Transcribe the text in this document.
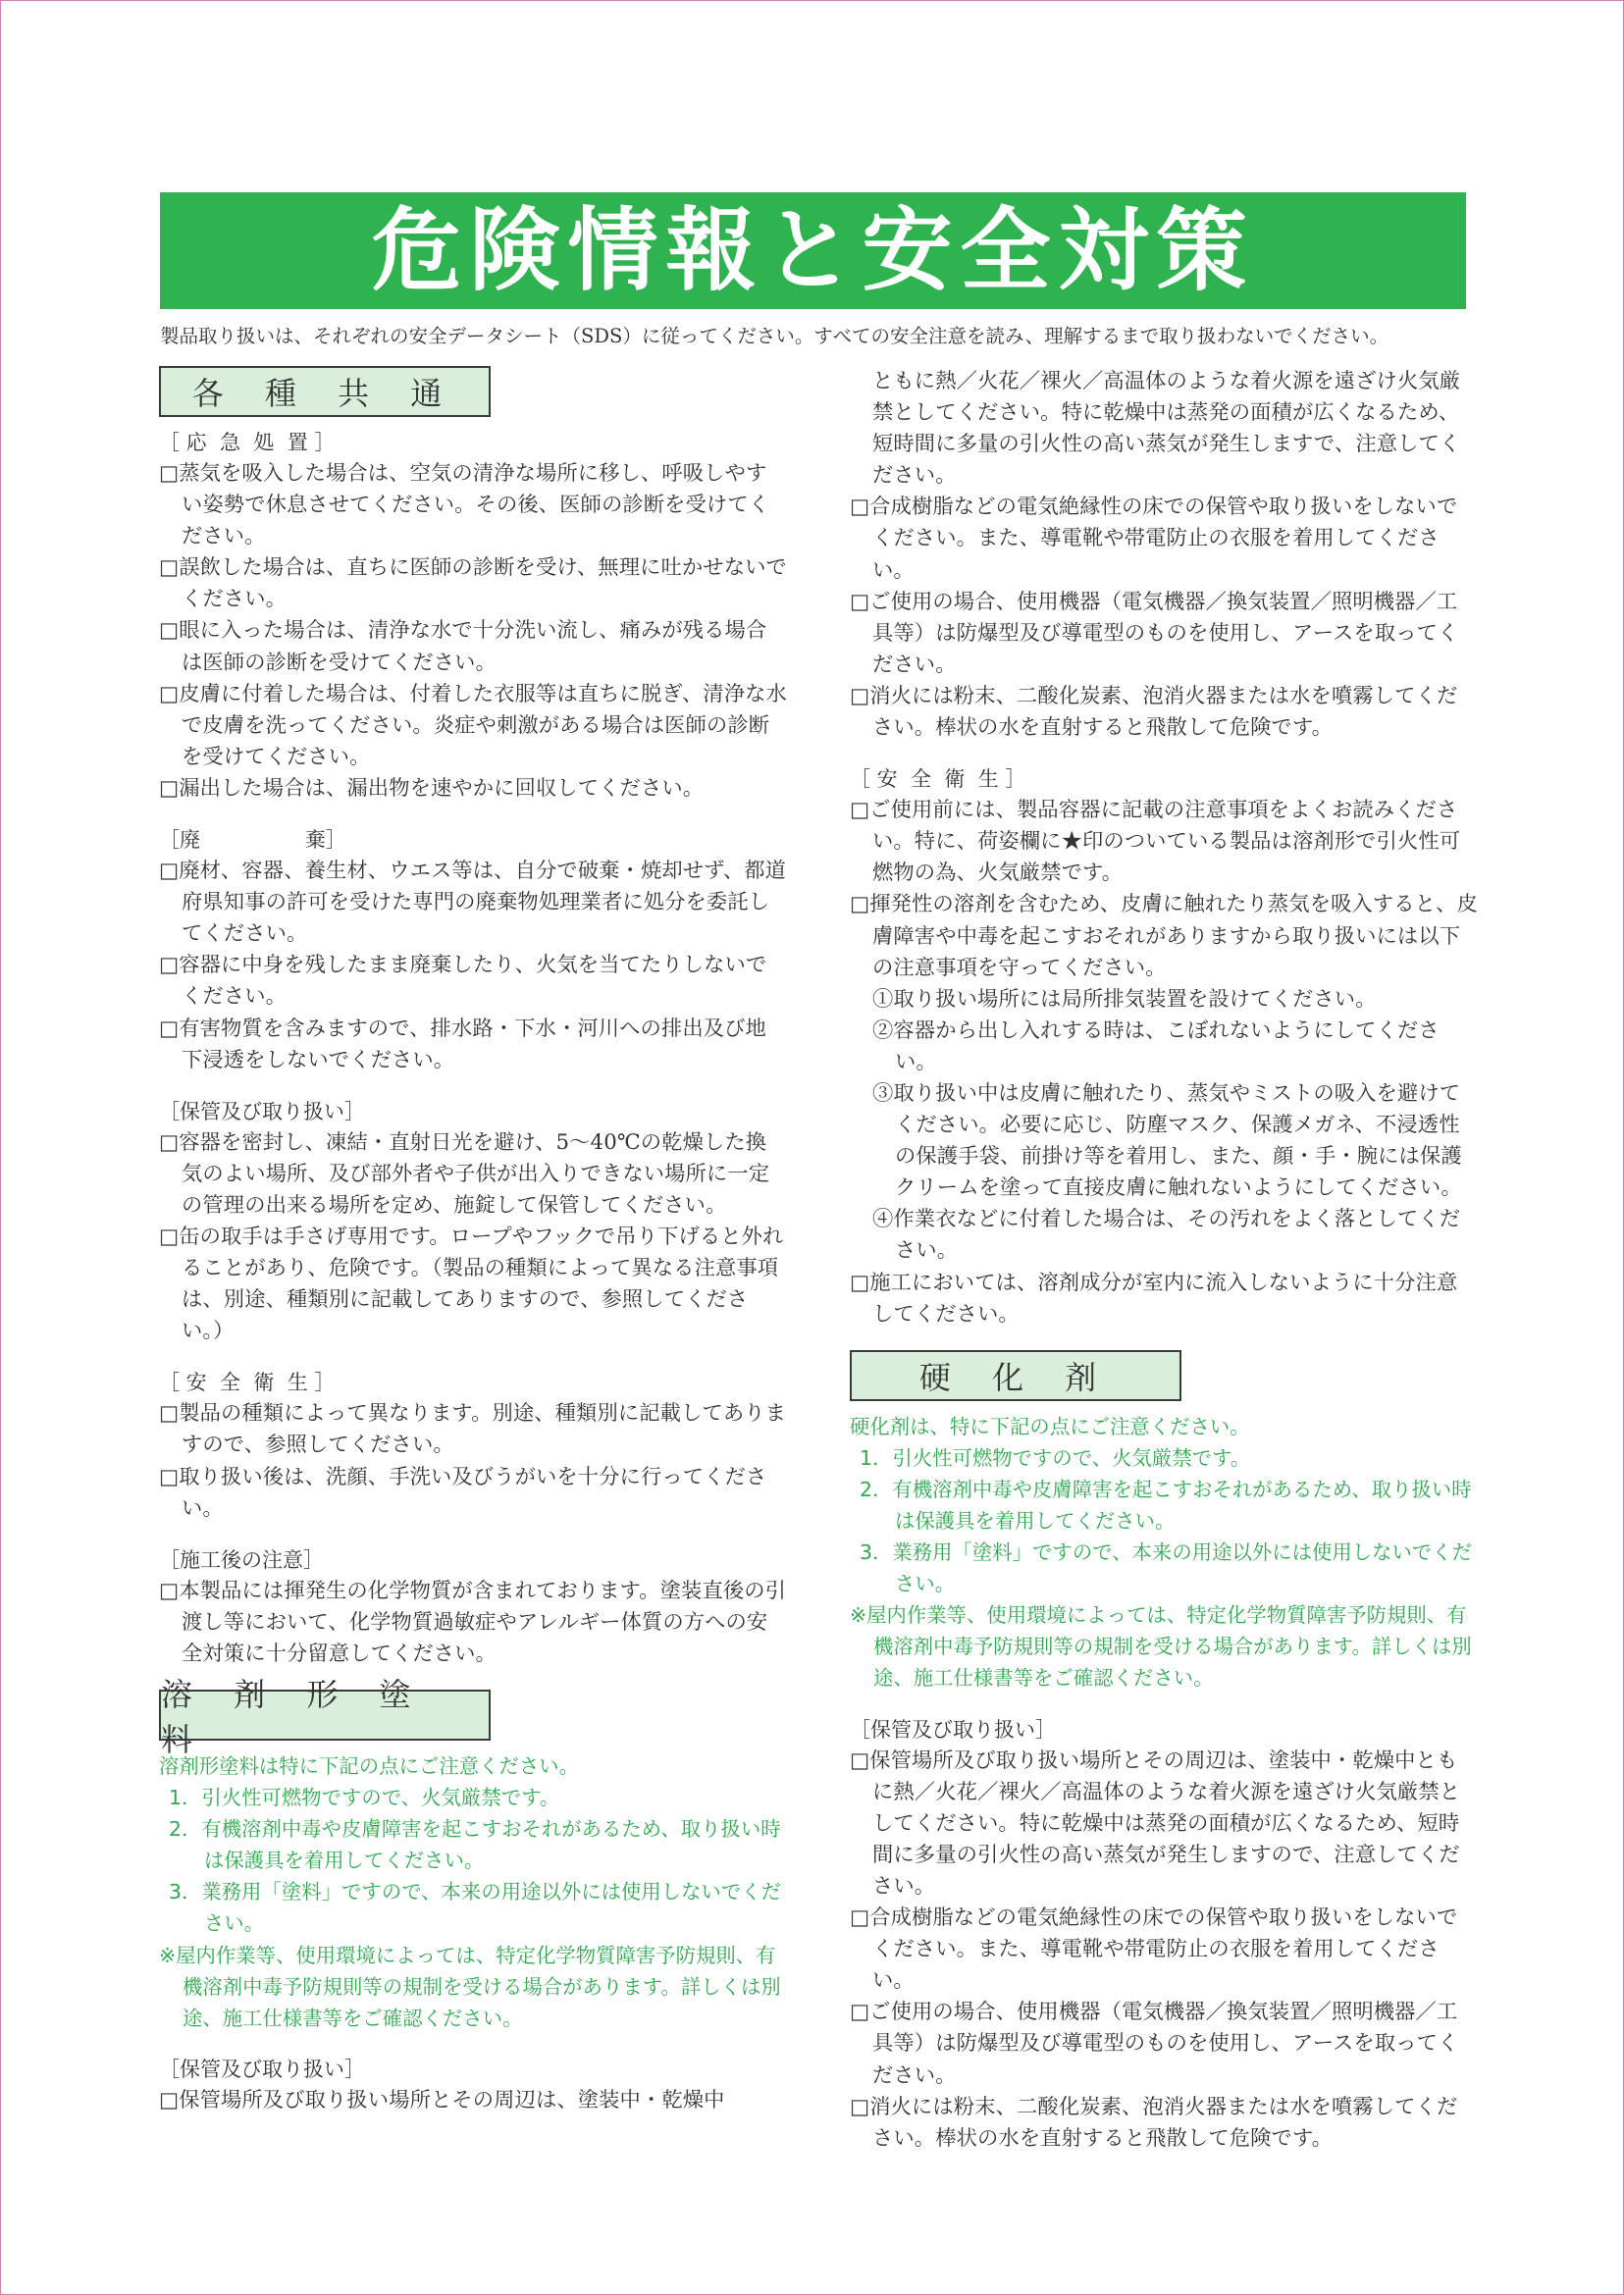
危険情報と安全対策
製品取り扱いは、それぞれの安全データシート（SDS）に従ってください。すべての安全注意を読み、理解するまで取り扱わないでください。
各 種 共 通

［ 応  急  処  置 ］

□蒸気を吸入した場合は、空気の清浄な場所に移し、呼吸しやすい姿勢で休息させてください。その後、医師の診断を受けてください。

□誤飲した場合は、直ちに医師の診断を受け、無理に吐かせないでください。

□眼に入った場合は、清浄な水で十分洗い流し、痛みが残る場合は医師の診断を受けてください。

□皮膚に付着した場合は、付着した衣服等は直ちに脱ぎ、清浄な水で皮膚を洗ってください。炎症や刺激がある場合は医師の診断を受けてください。

□漏出した場合は、漏出物を速やかに回収してください。

［廃                棄］

□廃材、容器、養生材、ウエス等は、自分で破棄・焼却せず、都道府県知事の許可を受けた専門の廃棄物処理業者に処分を委託してください。

□容器に中身を残したまま廃棄したり、火気を当てたりしないでください。

□有害物質を含みますので、排水路・下水・河川への排出及び地下浸透をしないでください。

［保管及び取り扱い］

□容器を密封し、凍結・直射日光を避け、5〜40℃の乾燥した換気のよい場所、及び部外者や子供が出入りできない場所に一定の管理の出来る場所を定め、施錠して保管してください。

□缶の取手は手さげ専用です。ロープやフックで吊り下げると外れることがあり、危険です。（製品の種類によって異なる注意事項は、別途、種類別に記載してありますので、参照してください。）

［ 安  全  衛  生 ］

□製品の種類によって異なります。別途、種類別に記載してありますので、参照してください。

□取り扱い後は、洗顔、手洗い及びうがいを十分に行ってください。

［施工後の注意］

□本製品には揮発生の化学物質が含まれております。塗装直後の引渡し等において、化学物質過敏症やアレルギー体質の方への安全対策に十分留意してください。

溶 剤 形 塗 料

溶剤形塗料は特に下記の点にご注意ください。

1．引火性可燃物ですので、火気厳禁です。

2．有機溶剤中毒や皮膚障害を起こすおそれがあるため、取り扱い時は保護具を着用してください。

3．業務用「塗料」ですので、本来の用途以外には使用しないでください。

※屋内作業等、使用環境によっては、特定化学物質障害予防規則、有機溶剤中毒予防規則等の規制を受ける場合があります。詳しくは別途、施工仕様書等をご確認ください。

［保管及び取り扱い］

□保管場所及び取り扱い場所とその周辺は、塗装中・乾燥中

ともに熱／火花／裸火／高温体のような着火源を遠ざけ火気厳禁としてください。特に乾燥中は蒸発の面積が広くなるため、短時間に多量の引火性の高い蒸気が発生しますで、注意してください。

□合成樹脂などの電気絶縁性の床での保管や取り扱いをしないでください。また、導電靴や帯電防止の衣服を着用してください。

□ご使用の場合、使用機器（電気機器／換気装置／照明機器／工具等）は防爆型及び導電型のものを使用し、アースを取ってください。

□消火には粉末、二酸化炭素、泡消火器または水を噴霧してください。棒状の水を直射すると飛散して危険です。

［ 安  全  衛  生 ］

□ご使用前には、製品容器に記載の注意事項をよくお読みください。特に、荷姿欄に★印のついている製品は溶剤形で引火性可燃物の為、火気厳禁です。

□揮発性の溶剤を含むため、皮膚に触れたり蒸気を吸入すると、皮膚障害や中毒を起こすおそれがありますから取り扱いには以下の注意事項を守ってください。

①取り扱い場所には局所排気装置を設けてください。

②容器から出し入れする時は、こぼれないようにしてください。

③取り扱い中は皮膚に触れたり、蒸気やミストの吸入を避けてください。必要に応じ、防塵マスク、保護メガネ、不浸透性の保護手袋、前掛け等を着用し、また、顔・手・腕には保護クリームを塗って直接皮膚に触れないようにしてください。

④作業衣などに付着した場合は、その汚れをよく落としてください。

□施工においては、溶剤成分が室内に流入しないように十分注意してください。

硬 化 剤

硬化剤は、特に下記の点にご注意ください。

1．引火性可燃物ですので、火気厳禁です。

2．有機溶剤中毒や皮膚障害を起こすおそれがあるため、取り扱い時は保護具を着用してください。

3．業務用「塗料」ですので、本来の用途以外には使用しないでください。

※屋内作業等、使用環境によっては、特定化学物質障害予防規則、有機溶剤中毒予防規則等の規制を受ける場合があります。詳しくは別途、施工仕様書等をご確認ください。

［保管及び取り扱い］

□保管場所及び取り扱い場所とその周辺は、塗装中・乾燥中ともに熱／火花／裸火／高温体のような着火源を遠ざけ火気厳禁としてください。特に乾燥中は蒸発の面積が広くなるため、短時間に多量の引火性の高い蒸気が発生しますので、注意してください。

□合成樹脂などの電気絶縁性の床での保管や取り扱いをしないでください。また、導電靴や帯電防止の衣服を着用してください。

□ご使用の場合、使用機器（電気機器／換気装置／照明機器／工具等）は防爆型及び導電型のものを使用し、アースを取ってください。

□消火には粉末、二酸化炭素、泡消火器または水を噴霧してください。棒状の水を直射すると飛散して危険です。
